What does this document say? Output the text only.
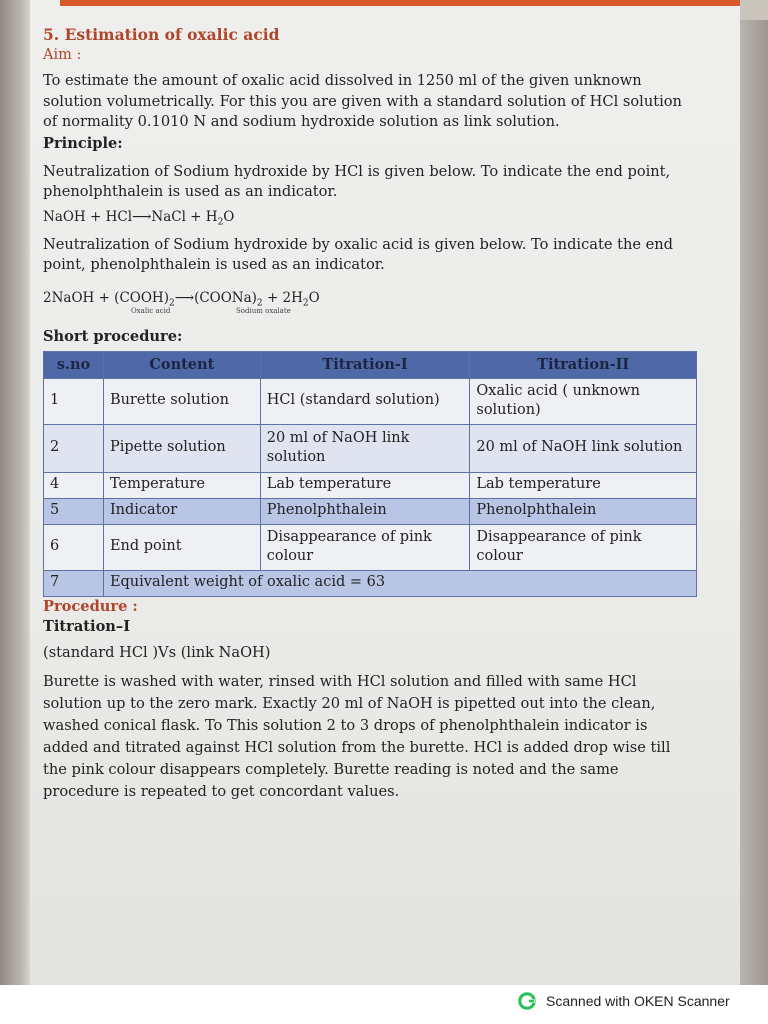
5. Estimation of oxalic acid

Aim :

To estimate the amount of oxalic acid dissolved in 1250 ml of the given unknown solution volumetrically. For this you are given with a standard solution of HCl solution of normality 0.1010 N and sodium hydroxide solution as link solution.

Principle:

Neutralization of Sodium hydroxide by HCl is given below. To indicate the end point, phenolphthalein is used as an indicator.

NaOH + HCl⟶NaCl + $H_2O$

Neutralization of Sodium hydroxide by oxalic acid is given below. To indicate the end point, phenolphthalein is used as an indicator.

2NaOH + $(COOH)_2⟶(COONa)_2 + 2H_2O$

Oxalic acid	Sodium oxalate

Short procedure:

s.no	Content	Titration-I	Titration-II
1	Burette solution	HCl (standard solution)	Oxalic acid ( unknown solution)
2	Pipette solution	20 ml of NaOH link solution	20 ml of NaOH link solution
4	Temperature	Lab temperature	Lab temperature
5	Indicator	Phenolphthalein	Phenolphthalein
6	End point	Disappearance of pink colour	Disappearance of pink colour
7	Equivalent weight of oxalic acid = 63		

Procedure :

Titration–I

(standard HCl )Vs (link NaOH)

Burette is washed with water, rinsed with HCl solution and filled with same HCl solution up to the zero mark. Exactly 20 ml of NaOH is pipetted out into the clean, washed conical flask. To This solution 2 to 3 drops of phenolphthalein indicator is added and titrated against HCl solution from the burette. HCl is added drop wise till the pink colour disappears completely. Burette reading is noted and the same procedure is repeated to get concordant values.

Scanned with OKEN Scanner
